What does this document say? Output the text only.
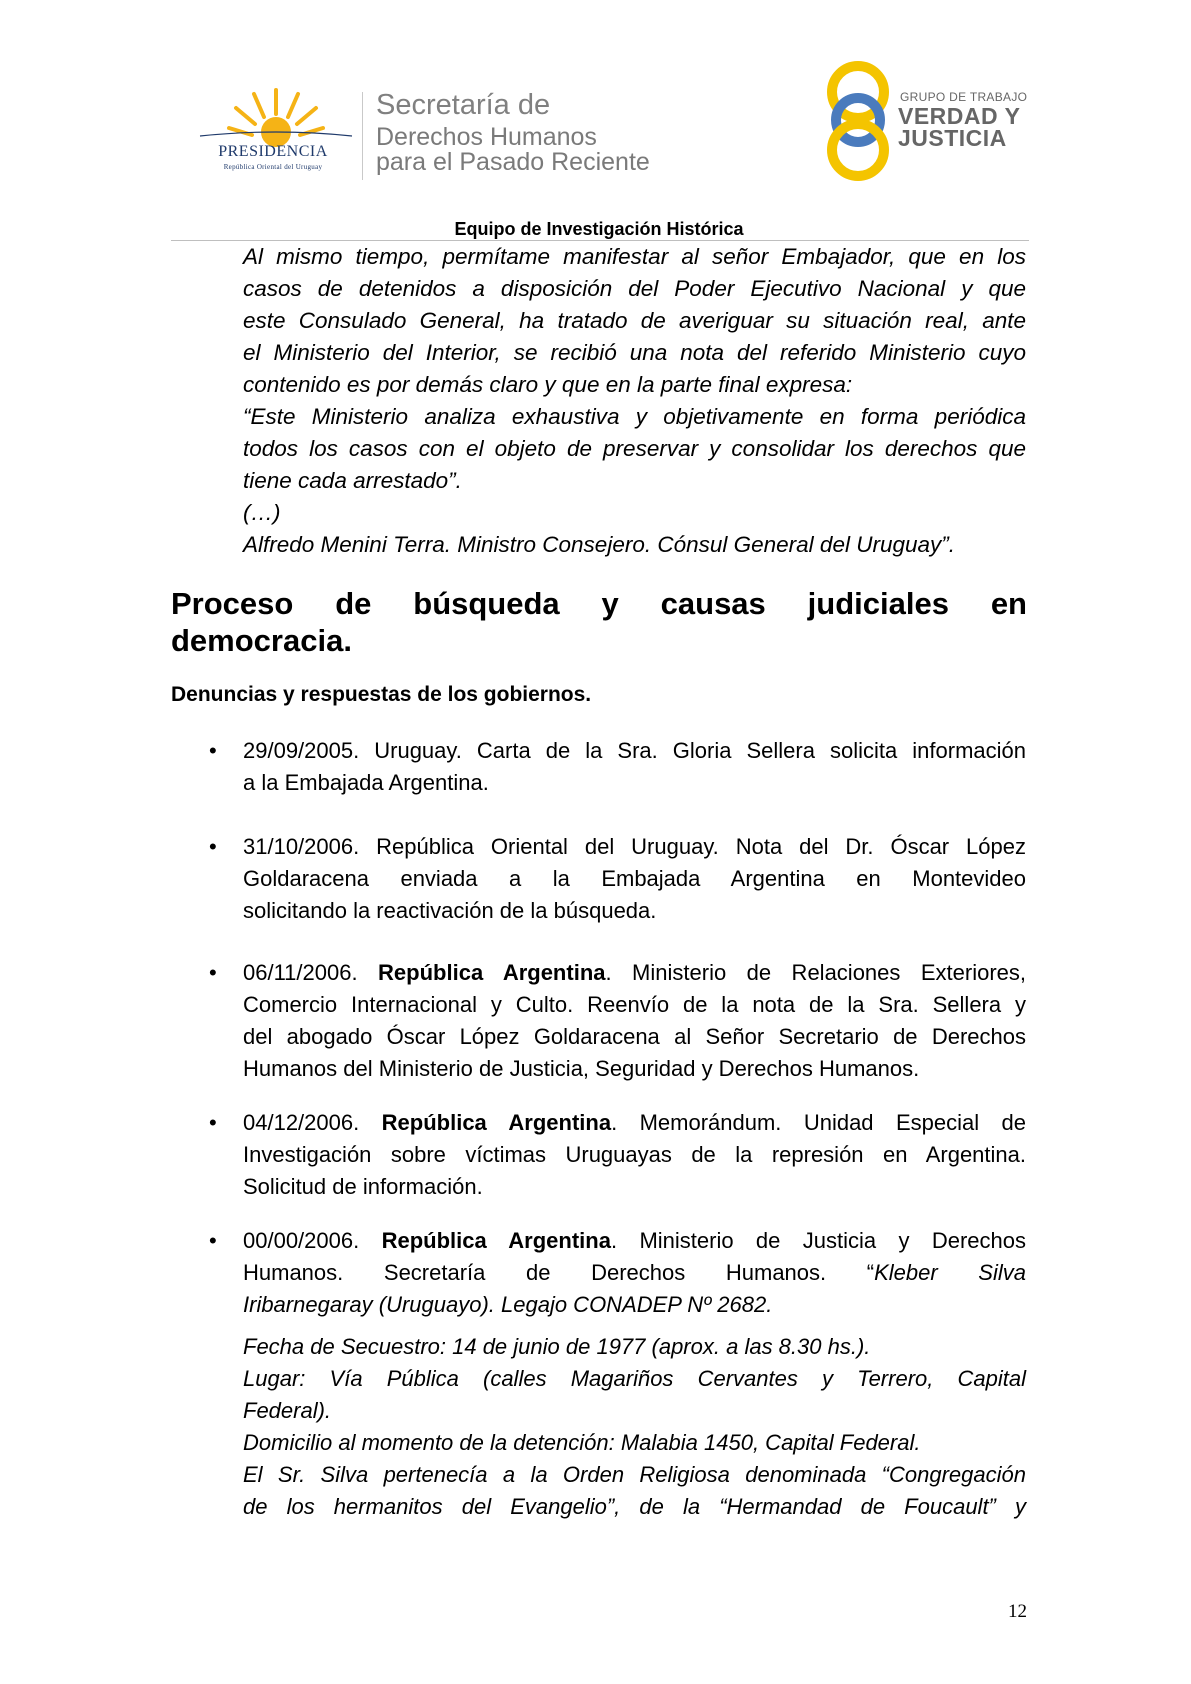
PRESIDENCIA
República Oriental del Uruguay
Secretaría de
Derechos Humanos
para el Pasado Reciente
GRUPO DE TRABAJO
VERDAD Y
JUSTICIA
Equipo de Investigación Histórica
Al mismo tiempo, permítame manifestar al señor Embajador, que en los
casos de detenidos a disposición del Poder Ejecutivo Nacional y que
este Consulado General, ha tratado de averiguar su situación real, ante
el Ministerio del Interior, se recibió una nota del referido Ministerio cuyo
contenido es por demás claro y que en la parte final expresa:
“Este Ministerio analiza exhaustiva y objetivamente en forma periódica
todos los casos con el objeto de preservar y consolidar los derechos que
tiene cada arrestado”.
(…)
Alfredo Menini Terra. Ministro Consejero. Cónsul General del Uruguay”.
Proceso de búsqueda y causas judiciales en
democracia.
Denuncias y respuestas de los gobiernos.
• 29/09/2005. Uruguay. Carta de la Sra. Gloria Sellera solicita información
a la Embajada Argentina.
• 31/10/2006. República Oriental del Uruguay. Nota del Dr. Óscar López
Goldaracena enviada a la Embajada Argentina en Montevideo
solicitando la reactivación de la búsqueda.
• 06/11/2006. República Argentina. Ministerio de Relaciones Exteriores,
Comercio Internacional y Culto. Reenvío de la nota de la Sra. Sellera y
del abogado Óscar López Goldaracena al Señor Secretario de Derechos
Humanos del Ministerio de Justicia, Seguridad y Derechos Humanos.
• 04/12/2006. República Argentina. Memorándum. Unidad Especial de
Investigación sobre víctimas Uruguayas de la represión en Argentina.
Solicitud de información.
• 00/00/2006. República Argentina. Ministerio de Justicia y Derechos
Humanos. Secretaría de Derechos Humanos. “Kleber Silva
Iribarnegaray (Uruguayo). Legajo CONADEP Nº 2682.
Fecha de Secuestro: 14 de junio de 1977 (aprox. a las 8.30 hs.).
Lugar: Vía Pública (calles Magariños Cervantes y Terrero, Capital
Federal).
Domicilio al momento de la detención: Malabia 1450, Capital Federal.
El Sr. Silva pertenecía a la Orden Religiosa denominada “Congregación
de los hermanitos del Evangelio”, de la “Hermandad de Foucault” y
12
